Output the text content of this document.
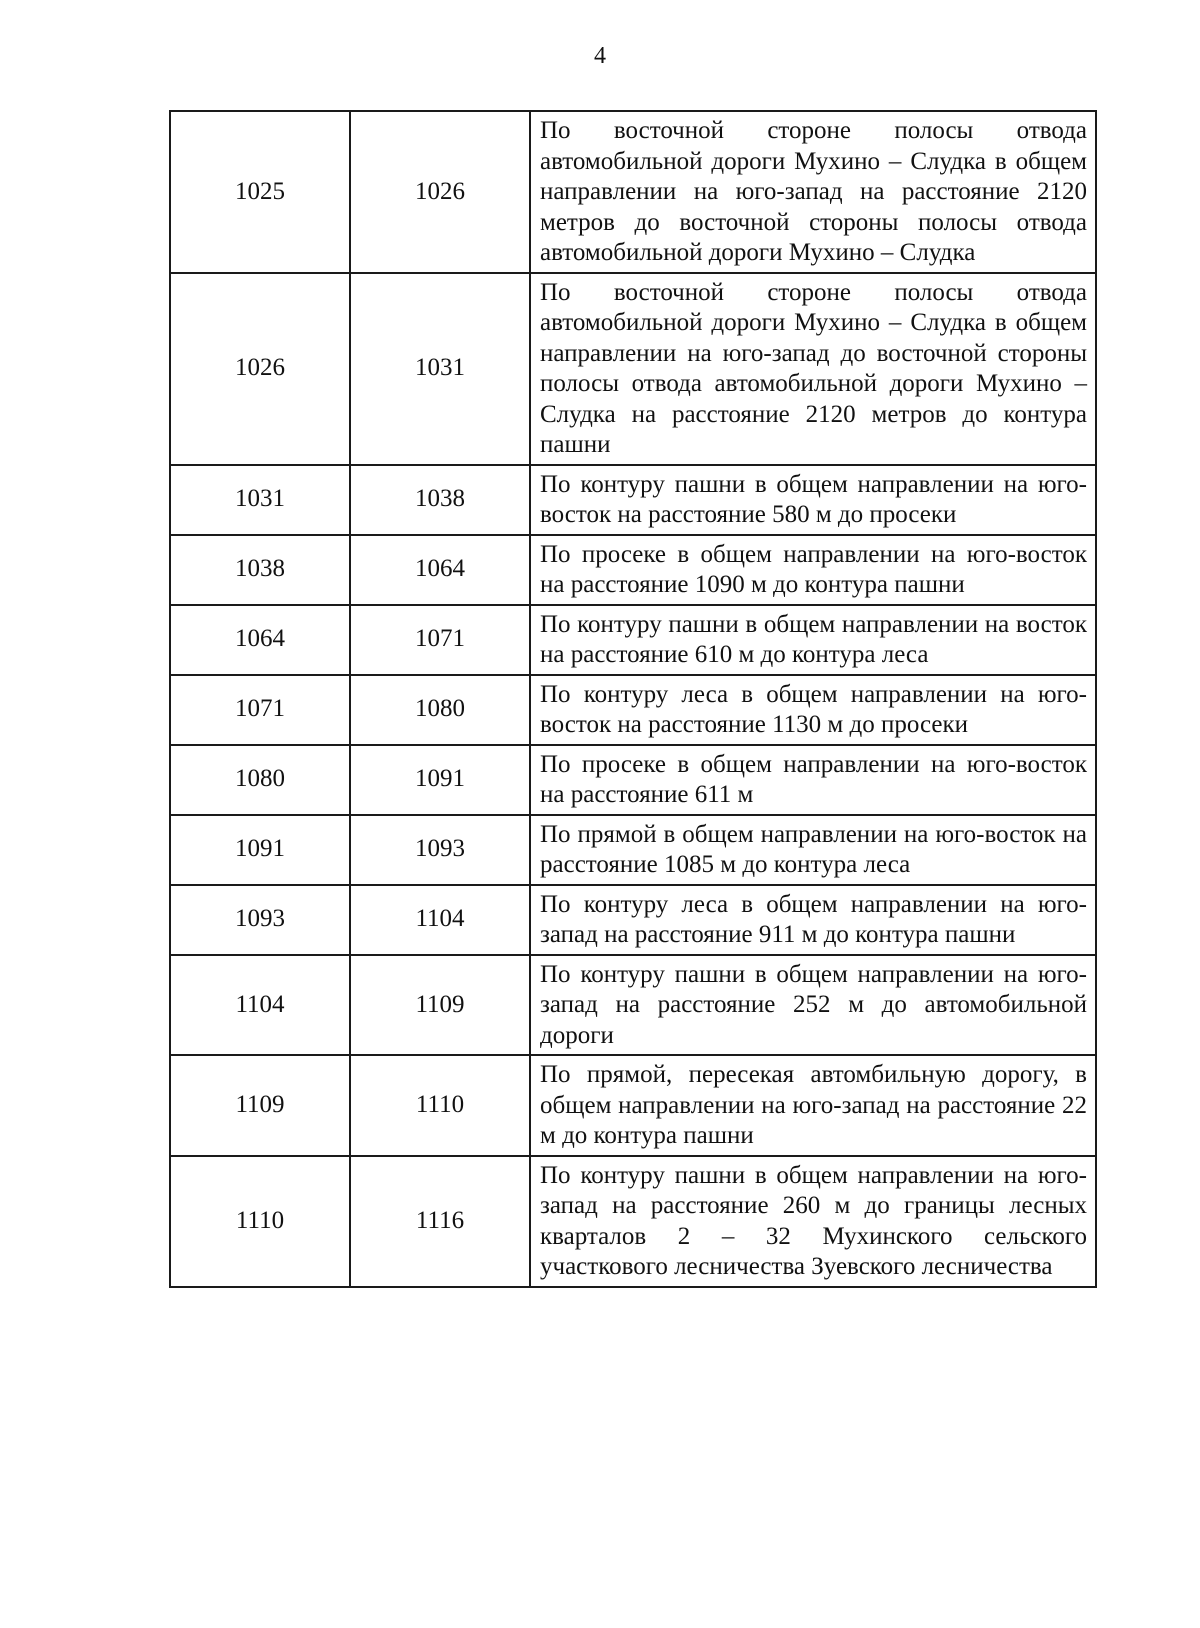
4
1025	1026	По восточной стороне полосы отвода автомобильной дороги Мухино – Слудка в общем направлении на юго-запад на расстояние 2120 метров до восточной стороны полосы отвода автомобильной дороги Мухино – Слудка
1026	1031	По восточной стороне полосы отвода автомобильной дороги Мухино – Слудка в общем направлении на юго-запад до восточной стороны полосы отвода автомобильной дороги Мухино – Слудка на расстояние 2120 метров до контура пашни
1031	1038	По контуру пашни в общем направлении на юго-восток на расстояние 580 м до просеки
1038	1064	По просеке в общем направлении на юго-восток на расстояние 1090 м до контура пашни
1064	1071	По контуру пашни в общем направлении на восток на расстояние 610 м до контура леса
1071	1080	По контуру леса в общем направлении на юго-восток на расстояние 1130 м до просеки
1080	1091	По просеке в общем направлении на юго-восток на расстояние 611 м
1091	1093	По прямой в общем направлении на юго-восток на расстояние 1085 м до контура леса
1093	1104	По контуру леса в общем направлении на юго-запад на расстояние 911 м до контура пашни
1104	1109	По контуру пашни в общем направлении на юго-запад на расстояние 252 м до автомобильной дороги
1109	1110	По прямой, пересекая автомбильную дорогу, в общем направлении на юго-запад на расстояние 22 м до контура пашни
1110	1116	По контуру пашни в общем направлении на юго-запад на расстояние 260 м до границы лесных кварталов 2 – 32 Мухинского сельского участкового лесничества Зуевского лесничества
